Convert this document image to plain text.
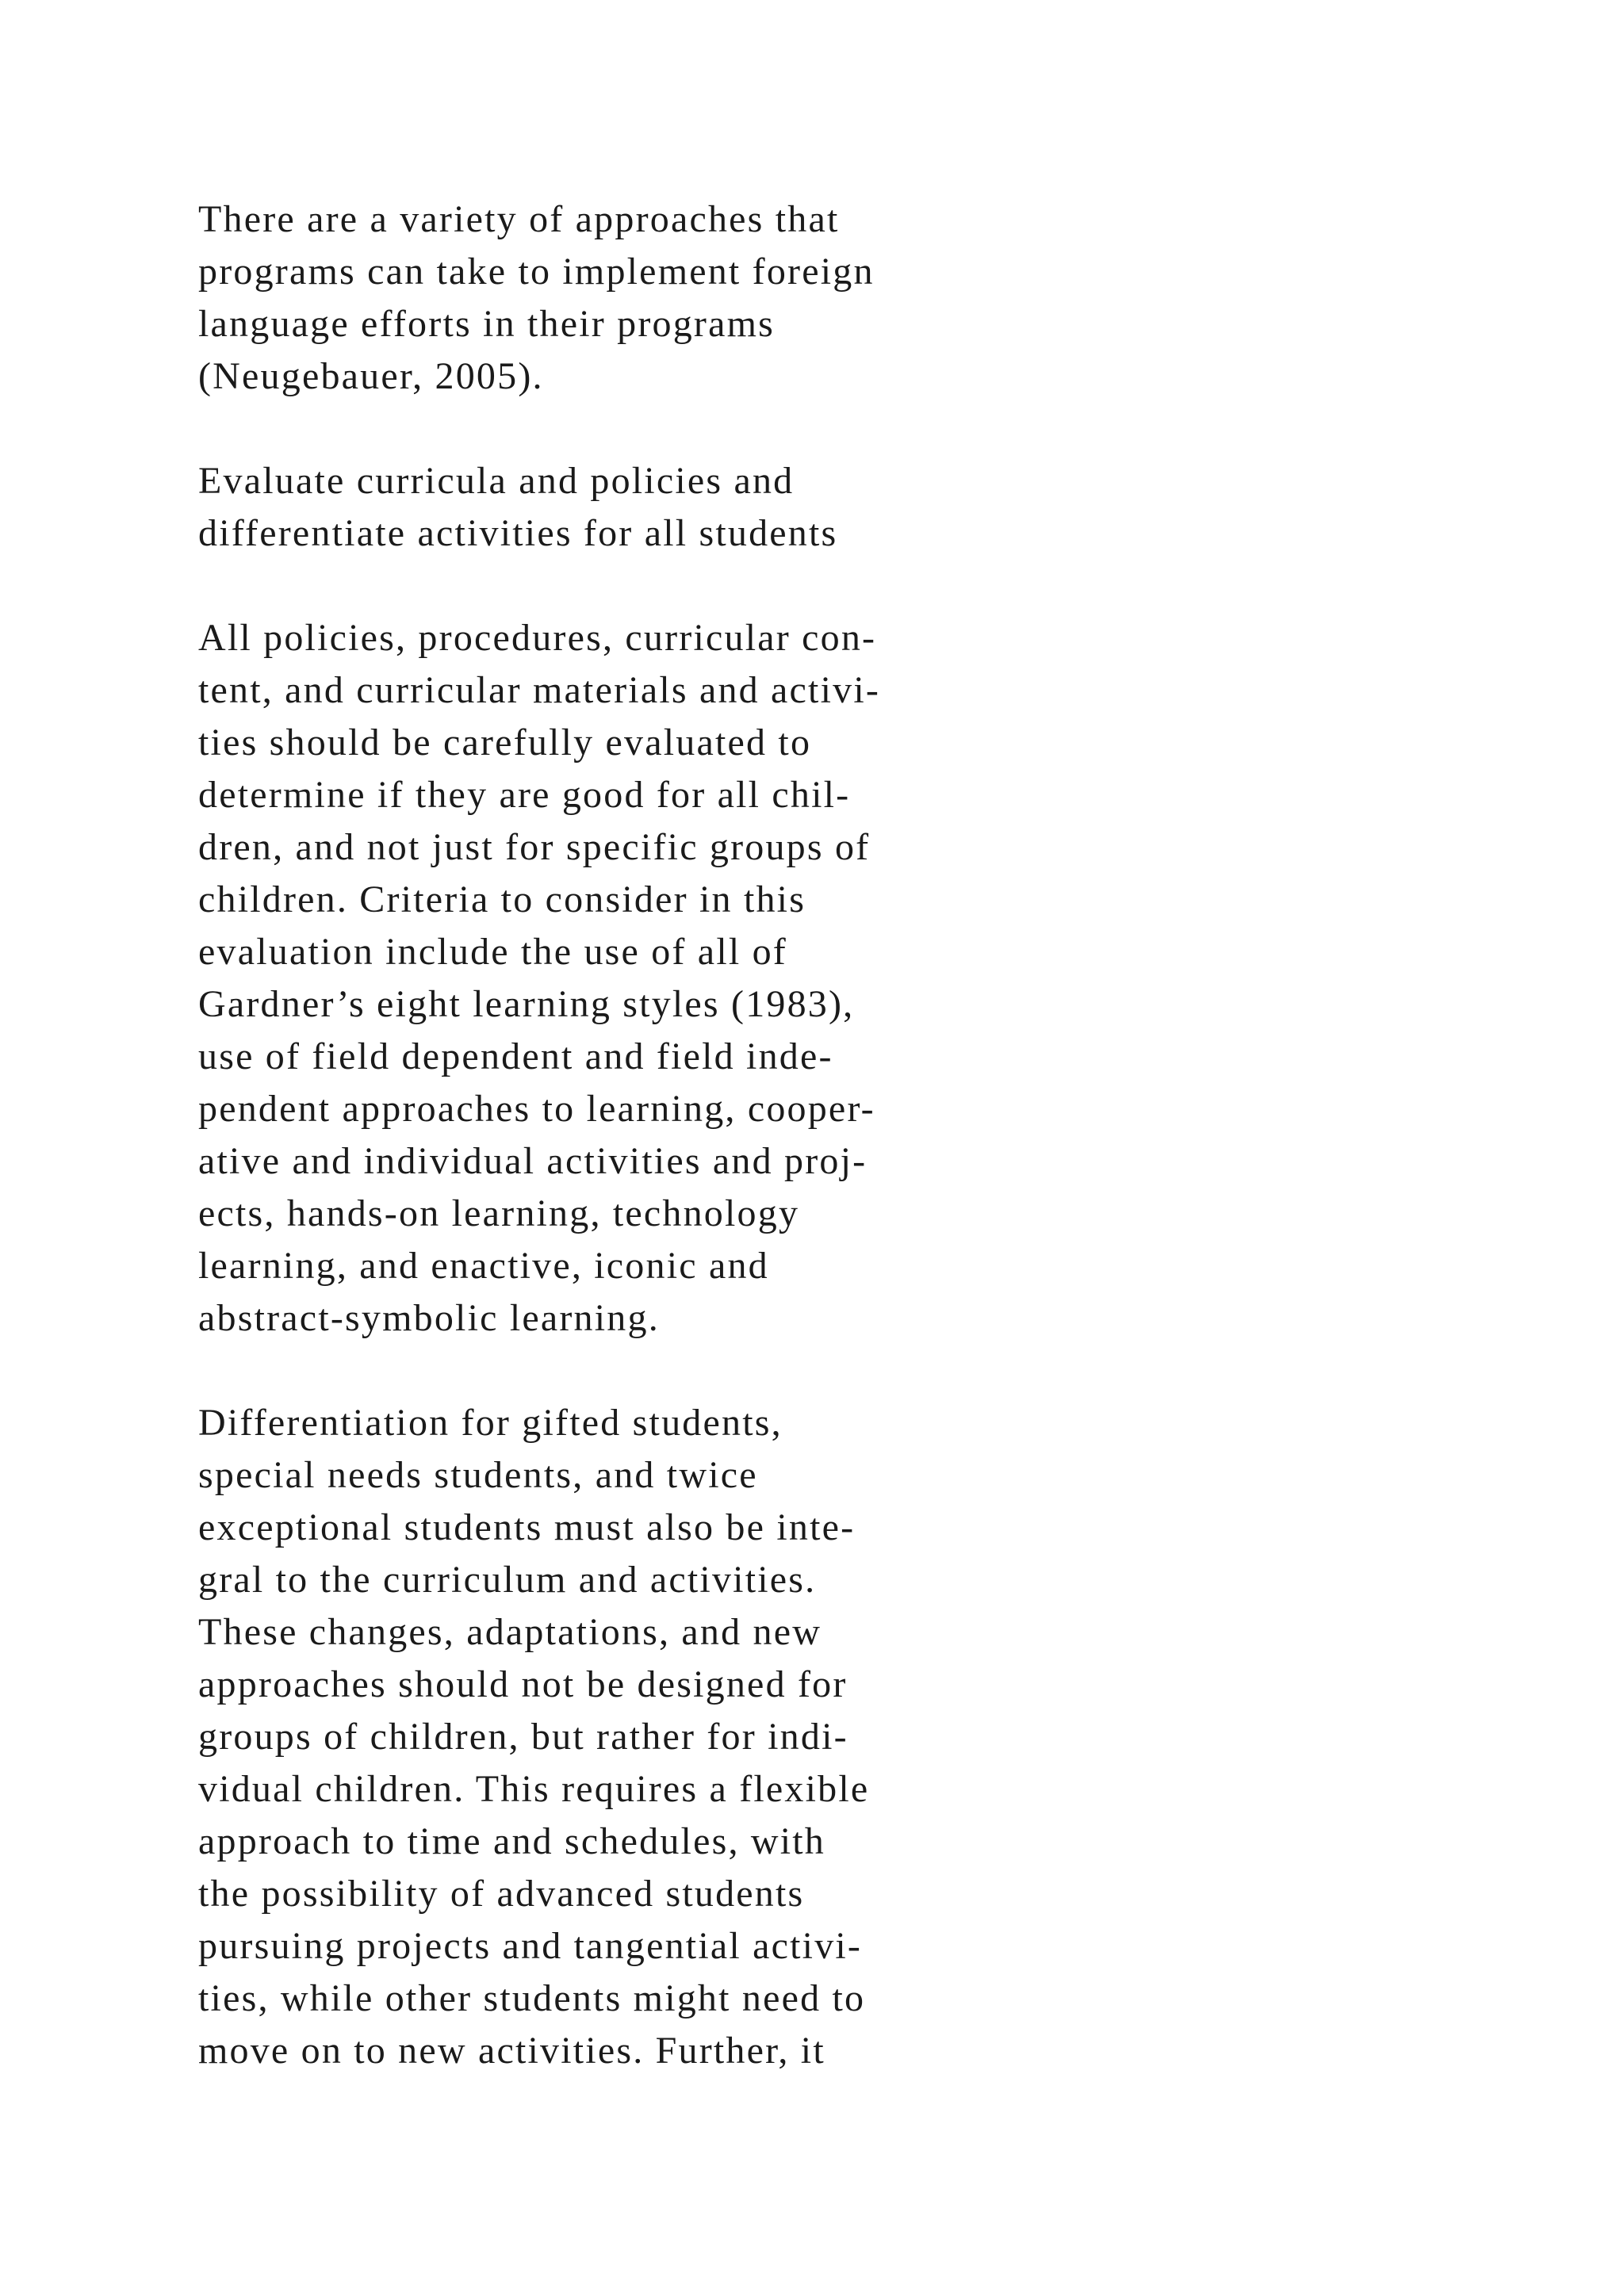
There are a variety of approaches that
programs can take to implement foreign
language efforts in their programs
(Neugebauer, 2005).
Evaluate curricula and policies and
differentiate activities for all students
All policies, procedures, curricular con-
tent, and curricular materials and activi-
ties should be carefully evaluated to
determine if they are good for all chil-
dren, and not just for specific groups of
children. Criteria to consider in this
evaluation include the use of all of
Gardner’s eight learning styles (1983),
use of field dependent and field inde-
pendent approaches to learning, cooper-
ative and individual activities and proj-
ects, hands-on learning, technology
learning, and enactive, iconic and
abstract-symbolic learning.
Differentiation for gifted students,
special needs students, and twice
exceptional students must also be inte-
gral to the curriculum and activities.
These changes, adaptations, and new
approaches should not be designed for
groups of children, but rather for indi-
vidual children. This requires a flexible
approach to time and schedules, with
the possibility of advanced students
pursuing projects and tangential activi-
ties, while other students might need to
move on to new activities. Further, it
